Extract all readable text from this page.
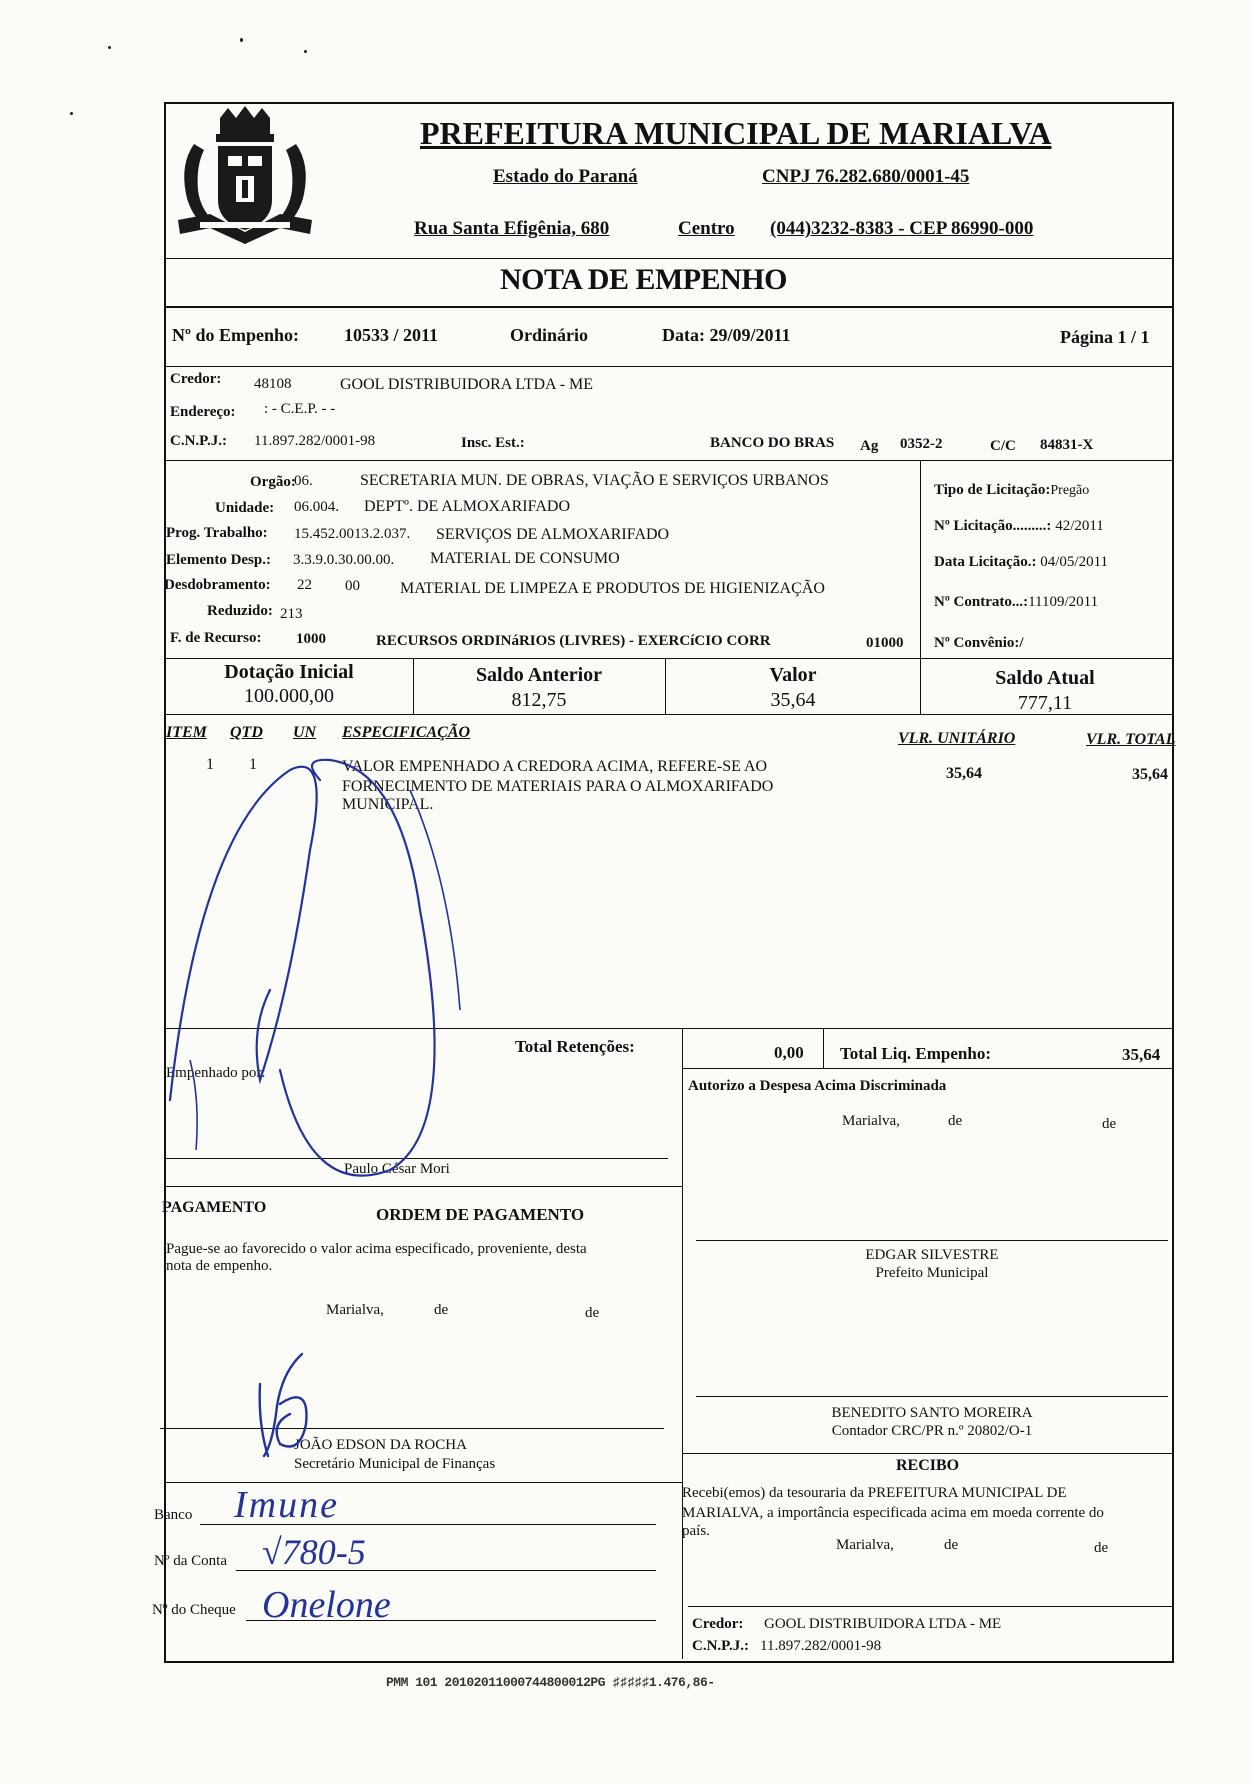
PREFEITURA MUNICIPAL DE MARIALVA
Estado do Paraná	CNPJ 76.282.680/0001-45
Rua Santa Efigênia, 680	Centro (044)3232-8383 - CEP 86990-000
NOTA DE EMPENHO
Nº do Empenho:	10533 / 2011	Ordinário	Data: 29/09/2011	Página 1 / 1
Credor: 48108	GOOL DISTRIBUIDORA LTDA - ME
Endereço: : - C.E.P. - -
C.N.P.J.: 11.897.282/0001-98	Insc. Est.:	BANCO DO BRAS Ag 0352-2	C/C 84831-X
Orgão:
06.	SECRETARIA MUN. DE OBRAS, VIAÇÃO E SERVIÇOS URBANOS
Unidade: 06.004. DEPTº. DE ALMOXARIFADO
Prog. Trabalho: 15.452.0013.2.037. SERVIÇOS DE ALMOXARIFADO
Elemento Desp.: 3.3.9.0.30.00.00. MATERIAL DE CONSUMO
Desdobramento: 22 00	MATERIAL DE LIMPEZA E PRODUTOS DE HIGIENIZAÇÃO
Reduzido: 213
F. de Recurso: 1000	RECURSOS ORDINáRIOS (LIVRES) - EXERCíCIO CORR	01000
Tipo de Licitação:Pregão
Nº Licitação.........: 42/2011
Data Licitação.: 04/05/2011
Nº Contrato...:11109/2011
Nº Convênio:/
Dotação Inicial
100.000,00
Saldo Anterior
812,75
Valor
35,64
Saldo Atual
777,11
ITEM QTD UN ESPECIFICAÇÃO	VLR. UNITÁRIO	VLR. TOTAL
1 1	VALOR EMPENHADO A CREDORA ACIMA, REFERE-SE AO
FORNECIMENTO DE MATERIAIS PARA O ALMOXARIFADO
MUNICIPAL.
35,64	35,64
Total Retenções:	0,00 Total Liq. Empenho:	35,64
Empenhado por:
Paulo César Mori
Autorizo a Despesa Acima Discriminada
Marialva,	de	de
EDGAR SILVESTRE
Prefeito Municipal
BENEDITO SANTO MOREIRA
Contador CRC/PR n.º 20802/O-1
PAGAMENTO	ORDEM DE PAGAMENTO
Pague-se ao favorecido o valor acima especificado, proveniente, desta
nota de empenho.
Marialva,	de	de
JOÃO EDSON DA ROCHA
Secretário Municipal de Finanças
Banco
Nº da Conta
Nº do Cheque
Imune
√780-5
Onelone
RECIBO
Recebi(emos) da tesouraria da PREFEITURA MUNICIPAL DE
MARIALVA, a importância especificada acima em moeda corrente do
país.
Marialva,	de	de
Credor: GOOL DISTRIBUIDORA LTDA - ME
C.N.P.J.: 11.897.282/0001-98
PMM 101 20102011000744800012PG ♯♯♯♯♯1.476,86-
